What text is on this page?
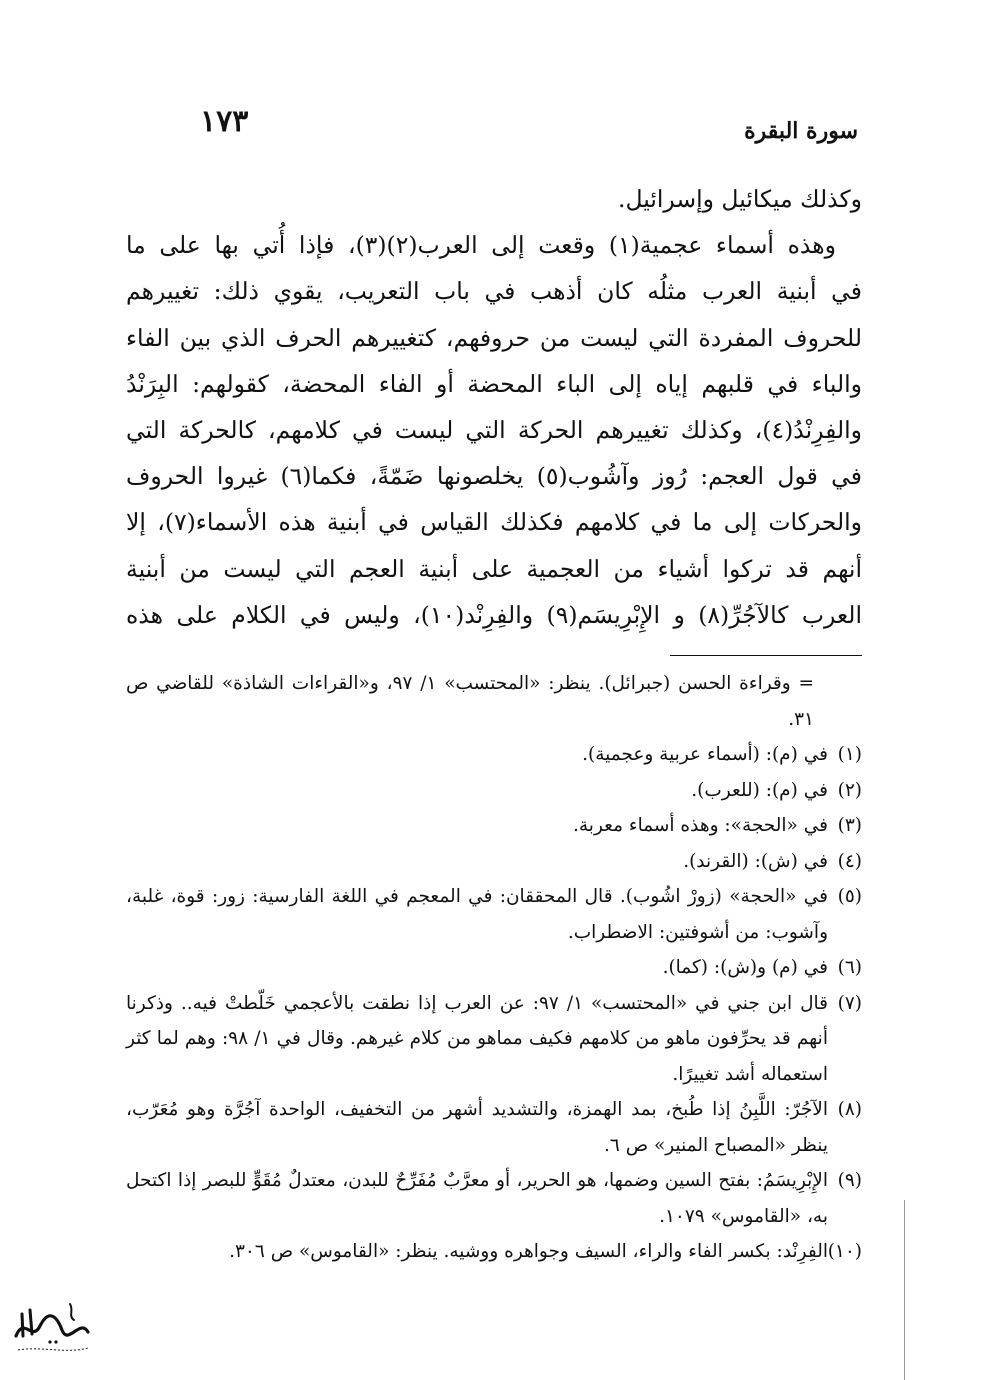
سورة البقرة
١٧٣
وكذلك ميكائيل وإسرائيل.
وهذه أسماء عجمية(١) وقعت إلى العرب(٢)(٣)، فإذا أُتي بها على ما
في أبنية العرب مثلُه كان أذهب في باب التعريب، يقوي ذلك: تغييرهم
للحروف المفردة التي ليست من حروفهم، كتغييرهم الحرف الذي بين الفاء
والباء في قلبهم إياه إلى الباء المحضة أو الفاء المحضة، كقولهم: البِرَنْدُ
والفِرِنْدُ(٤)، وكذلك تغييرهم الحركة التي ليست في كلامهم، كالحركة التي
في قول العجم: رُوز وآشُوب(٥) يخلصونها ضَمّةً، فكما(٦) غيروا الحروف
والحركات إلى ما في كلامهم فكذلك القياس في أبنية هذه الأسماء(٧)، إلا
أنهم قد تركوا أشياء من العجمية على أبنية العجم التي ليست من أبنية
العرب كالآجُرِّ(٨) و الإِبْرِيسَم(٩) والفِرِنْد(١٠)، وليس في الكلام على هذه
= وقراءة الحسن (جبرائل). ينظر: «المحتسب» ١/ ٩٧، و«القراءات الشاذة» للقاضي ص ٣١.
(١)
في (م): (أسماء عربية وعجمية).
(٢)
في (م): (للعرب).
(٣)
في «الحجة»: وهذه أسماء معربة.
(٤)
في (ش): (القرند).
(٥)
في «الحجة» (زورْ اشُوب). قال المحققان: في المعجم في اللغة الفارسية: زور: قوة، غلبة، وآشوب: من أشوفتين: الاضطراب.
(٦)
في (م) و(ش): (كما).
(٧)
قال ابن جني في «المحتسب» ١/ ٩٧: عن العرب إذا نطقت بالأعجمي خَلّطتْ فيه.. وذكرنا أنهم قد يحرِّفون ماهو من كلامهم فكيف مماهو من كلام غيرهم. وقال في ١/ ٩٨: وهم لما كثر استعماله أشد تغييرًا.
(٨)
الآجُرّ: اللَّبِنُ إذا طُبخ، بمد الهمزة، والتشديد أشهر من التخفيف، الواحدة آجُرَّة وهو مُعَرّب، ينظر «المصباح المنير» ص ٦.
(٩)
الإِبْرِيسَمُ: بفتح السين وضمها، هو الحرير، أو معرَّبٌ مُفَرِّحٌ للبدن، معتدلٌ مُقَوٍّ للبصر إذا اكتحل به، «القاموس» ١٠٧٩.
(١٠)
الفِرِنْد: بكسر الفاء والراء، السيف وجواهره ووشيه. ينظر: «القاموس» ص ٣٠٦.
